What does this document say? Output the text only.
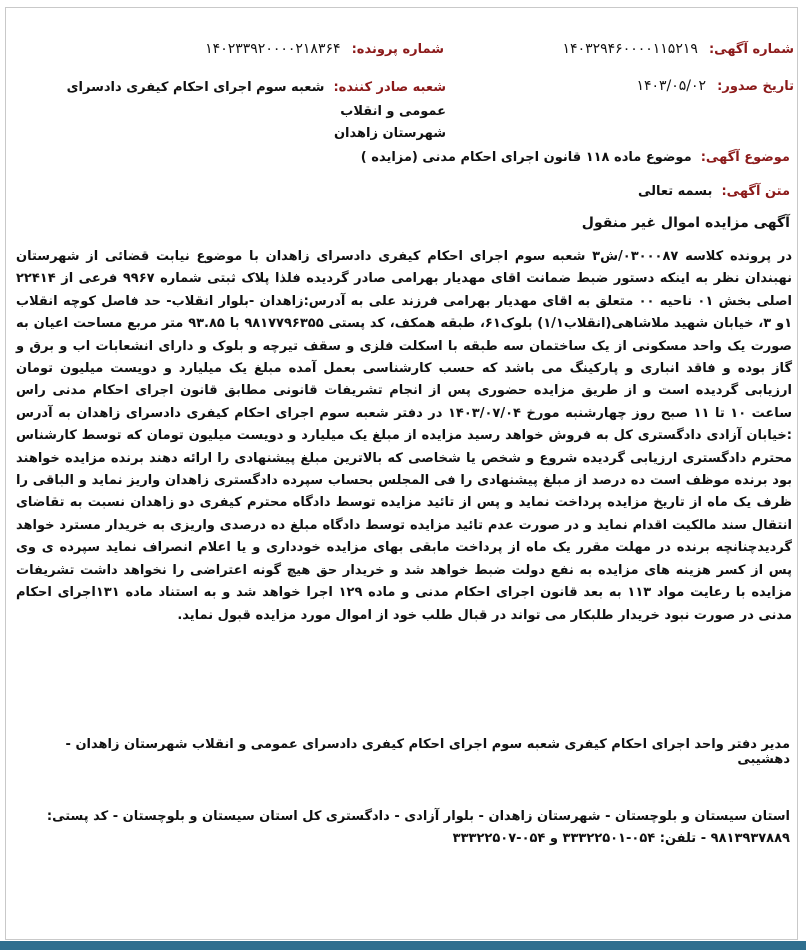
شماره آگهی: ۱۴۰۳۲۹۴۶۰۰۰۰۱۱۵۲۱۹
شماره پرونده: ۱۴۰۲۳۳۹۲۰۰۰۰۲۱۸۳۶۴
تاریخ صدور: ۱۴۰۳/۰۵/۰۲
شعبه صادر کننده: شعبه سوم اجرای احکام کیفری دادسرای عمومی و انقلاب
شهرستان زاهدان
موضوع آگهی: موضوع ماده ۱۱۸ قانون اجرای احکام مدنی (مزایده )
متن آگهی: بسمه تعالی
آگهی مزایده اموال غیر منقول
در پرونده کلاسه ۰۳۰۰۰۸۷/ش۳ شعبه سوم اجرای احکام کیفری دادسرای زاهدان با موضوع نیابت قضائی از شهرستان نهبندان نظر به اینکه دستور ضبط ضمانت اقای مهدیار بهرامی صادر گردیده فلذا پلاک ثبتی شماره ۹۹۶۷ فرعی از ۲۲۴۱۴ اصلی بخش ۰۱ ناحیه ۰۰ متعلق به اقای مهدیار بهرامی فرزند علی به آدرس:زاهدان -بلوار انقلاب- حد فاصل کوچه انقلاب ۱و ۳، خیابان شهید ملاشاهی(انقلاب۱/۱) بلوک۶۱، طبقه همکف، کد پستی ۹۸۱۷۷۹۶۳۵۵ با ۹۳.۸۵ متر مربع مساحت اعیان به صورت یک واحد مسکونی از یک ساختمان سه طبقه با اسکلت فلزی و سقف تیرچه و بلوک و دارای انشعابات اب و برق و گاز بوده و فاقد انباری و پارکینگ می باشد که حسب کارشناسی بعمل آمده مبلغ یک میلیارد و دویست میلیون تومان ارزیابی گردیده است و از طریق مزایده حضوری پس از انجام تشریفات قانونی مطابق قانون اجرای احکام مدنی راس ساعت ۱۰ تا ۱۱ صبح روز چهارشنبه مورخ ۱۴۰۳/۰۷/۰۴ در دفتر شعبه سوم اجرای احکام کیفری دادسرای زاهدان به آدرس :خیابان آزادی دادگستری کل به فروش خواهد رسید مزایده از مبلغ یک میلیارد و دویست میلیون تومان که توسط کارشناس محترم دادگستری ارزیابی گردیده شروع و شخص یا شخاصی که بالاترین مبلغ پیشنهادی را ارائه دهند برنده مزایده خواهند بود برنده موظف است ده درصد از مبلغ پیشنهادی را فی المجلس بحساب سپرده دادگستری زاهدان واریز نماید و الباقی را ظرف یک ماه از تاریخ مزایده پرداخت نماید و پس از تائید مزایده توسط دادگاه محترم کیفری دو زاهدان نسبت به تقاضای انتقال سند مالکیت اقدام نماید و در صورت عدم تائید مزایده توسط دادگاه مبلغ ده درصدی واریزی به خریدار مسترد خواهد گردیدچنانچه برنده در مهلت مقرر یک ماه از پرداخت مابقی بهای مزایده خودداری و یا اعلام انصراف نماید سپرده ی وی پس از کسر هزینه های مزایده به نفع دولت ضبط خواهد شد و خریدار حق هیچ گونه اعتراضی را نخواهد داشت تشریفات مزایده با رعایت مواد ۱۱۳ به بعد قانون اجرای احکام مدنی و ماده ۱۲۹ اجرا خواهد شد و به استناد ماده ۱۳۱اجرای احکام مدنی در صورت نبود خریدار طلبکار می تواند در قبال طلب خود از اموال مورد مزایده قبول نماید.
مدیر دفتر واحد اجرای احکام کیفری شعبه سوم اجرای احکام کیفری دادسرای عمومی و انقلاب شهرستان زاهدان - دهشیبی
استان سیستان و بلوچستان - شهرستان زاهدان - بلوار آزادی - دادگستری کل استان سیستان و بلوچستان - کد پستی:
۹۸۱۳۹۳۷۸۸۹ - تلفن: ۰۵۴-۳۳۳۲۲۵۰۱ و ۰۵۴-۳۳۳۲۲۵۰۷
